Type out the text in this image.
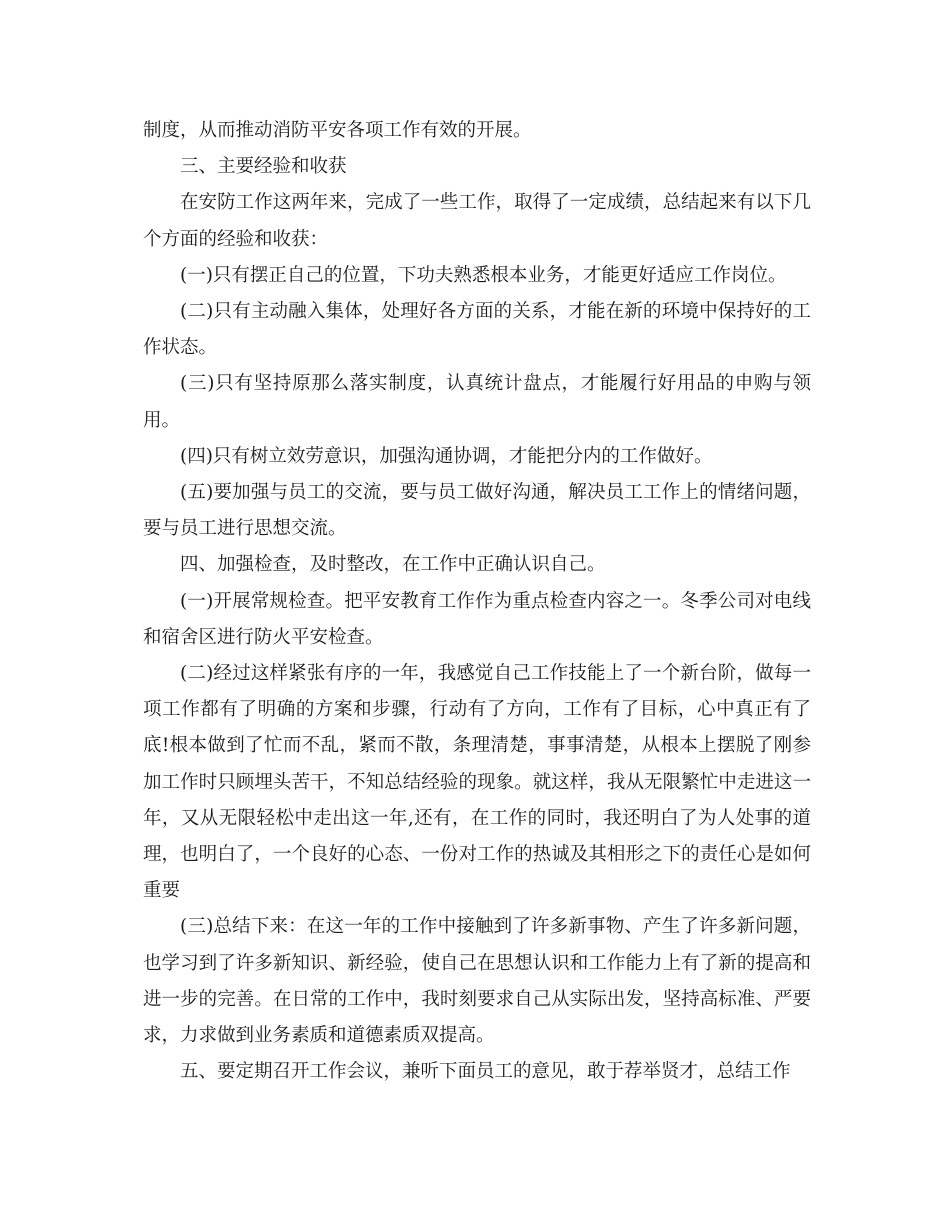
制度，从而推动消防平安各项工作有效的开展。

三、主要经验和收获

在安防工作这两年来，完成了一些工作，取得了一定成绩，总结起来有以下几个方面的经验和收获：

(一)只有摆正自己的位置，下功夫熟悉根本业务，才能更好适应工作岗位。

(二)只有主动融入集体，处理好各方面的关系，才能在新的环境中保持好的工作状态。

(三)只有坚持原那么落实制度，认真统计盘点，才能履行好用品的申购与领用。

(四)只有树立效劳意识，加强沟通协调，才能把分内的工作做好。

(五)要加强与员工的交流，要与员工做好沟通，解决员工工作上的情绪问题，要与员工进行思想交流。

四、加强检查，及时整改，在工作中正确认识自己。

(一)开展常规检查。把平安教育工作作为重点检查内容之一。冬季公司对电线和宿舍区进行防火平安检查。

(二)经过这样紧张有序的一年，我感觉自己工作技能上了一个新台阶，做每一项工作都有了明确的方案和步骤，行动有了方向，工作有了目标，心中真正有了底!根本做到了忙而不乱，紧而不散，条理清楚，事事清楚，从根本上摆脱了刚参加工作时只顾埋头苦干，不知总结经验的现象。就这样，我从无限繁忙中走进这一年，又从无限轻松中走出这一年,还有，在工作的同时，我还明白了为人处事的道理，也明白了，一个良好的心态、一份对工作的热诚及其相形之下的责任心是如何重要

(三)总结下来：在这一年的工作中接触到了许多新事物、产生了许多新问题，也学习到了许多新知识、新经验，使自己在思想认识和工作能力上有了新的提高和进一步的完善。在日常的工作中，我时刻要求自己从实际出发，坚持高标准、严要求，力求做到业务素质和道德素质双提高。

五、要定期召开工作会议，兼听下面员工的意见，敢于荐举贤才，总结工作
